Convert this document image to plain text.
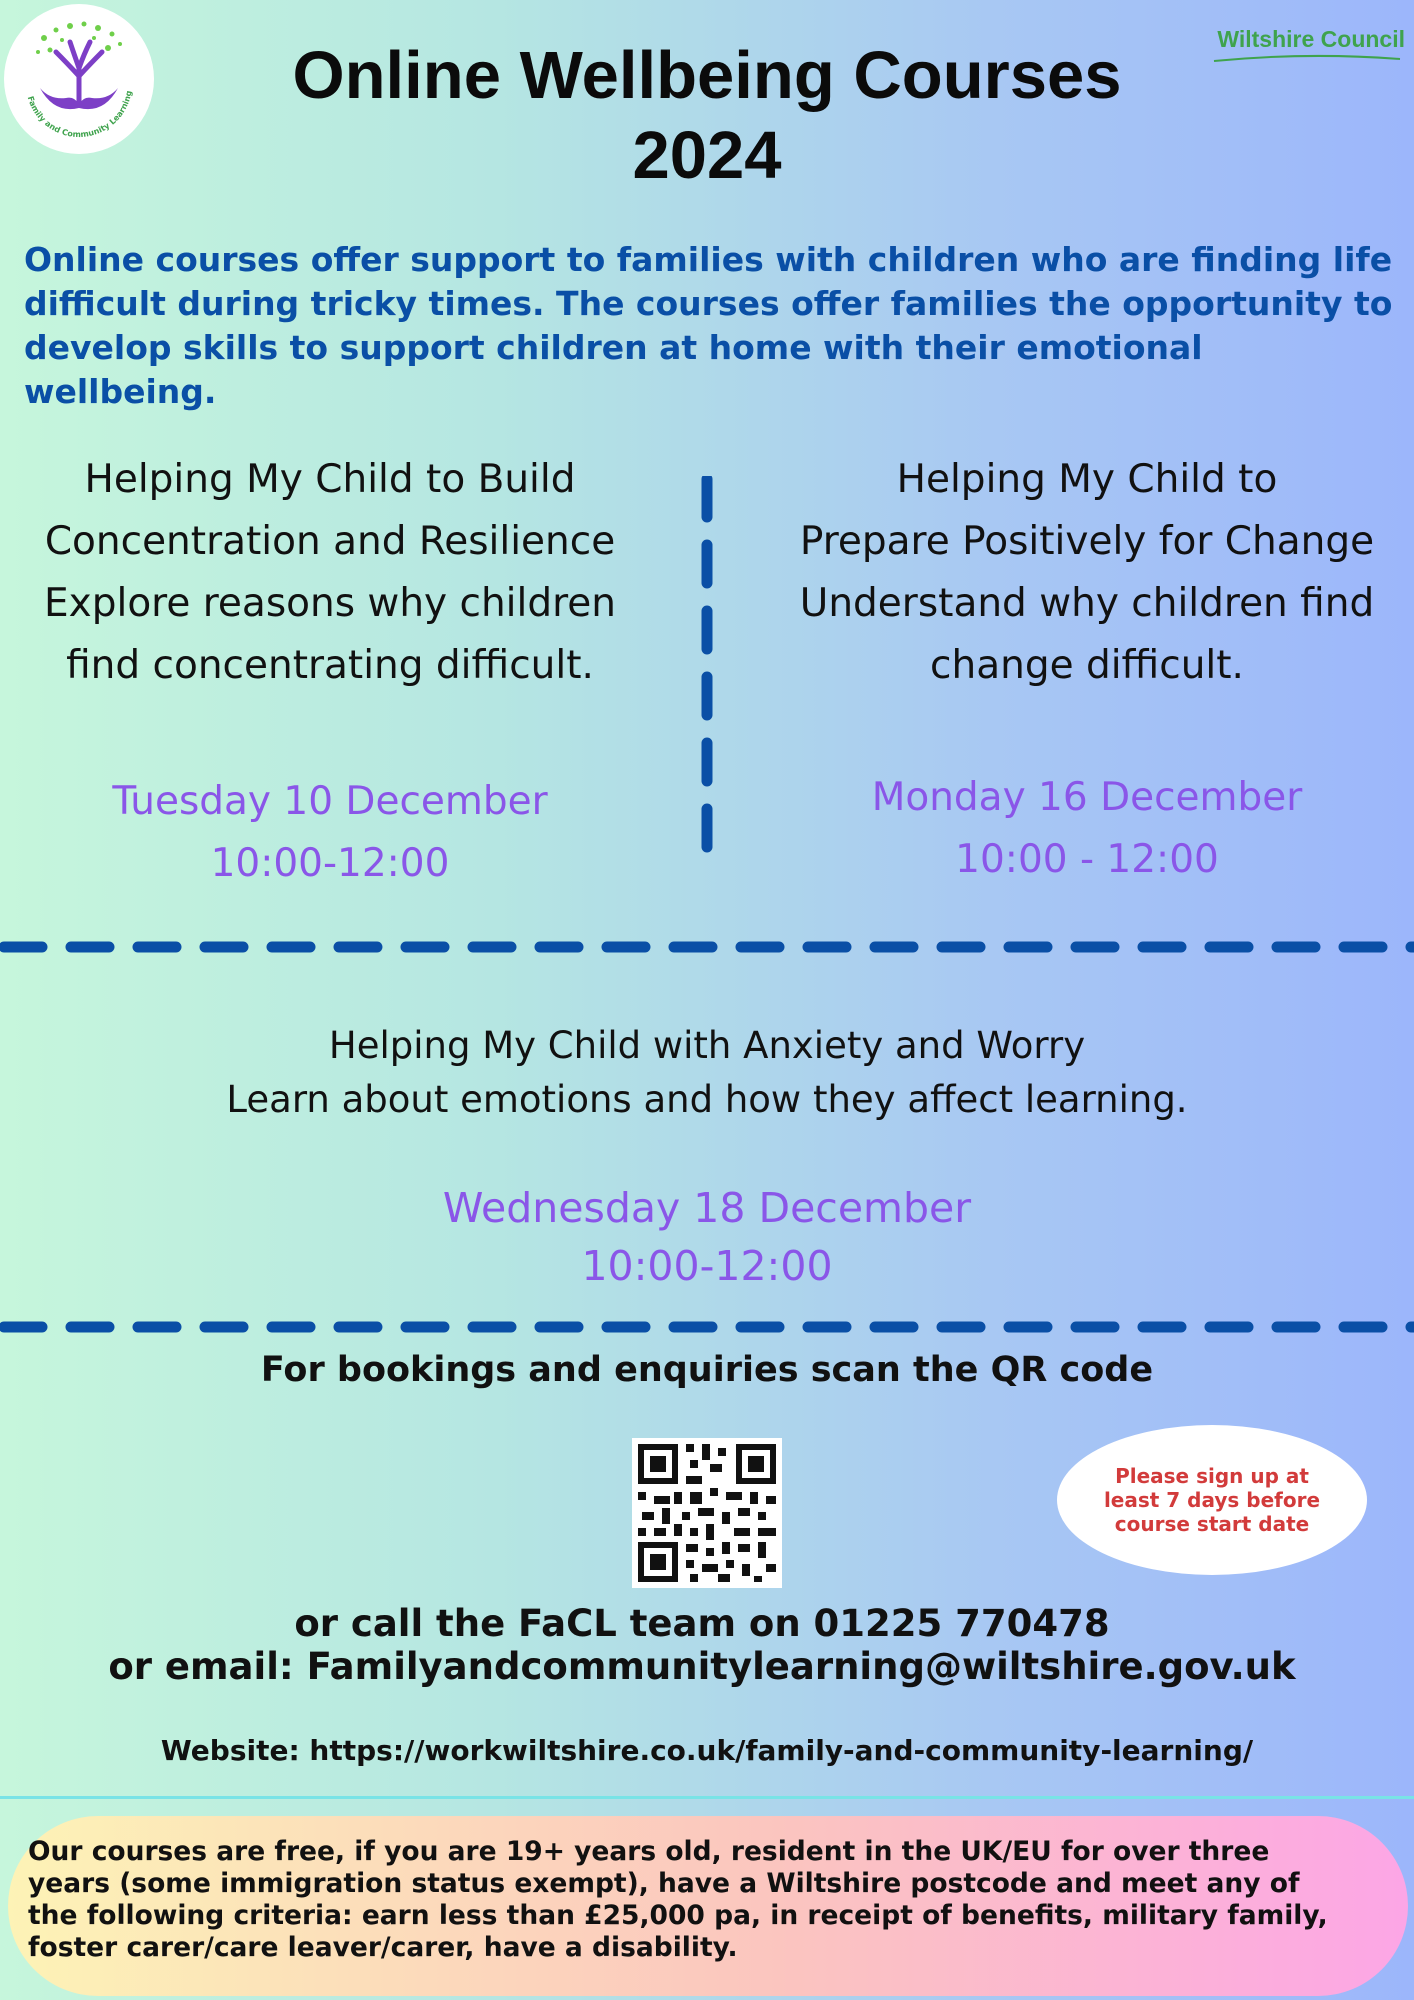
Family and Community Learning
Wiltshire Council
Online Wellbeing Courses
2024
Online courses offer support to families with children who are finding life difficult during tricky times. The courses offer families the opportunity to develop skills to support children at home with their emotional wellbeing.
Helping My Child to Build
Concentration and Resilience
Explore reasons why children
find concentrating difficult.
Tuesday 10 December
10:00-12:00
Helping My Child to
Prepare Positively for Change
Understand why children find
change difficult.
Monday 16 December
10:00 - 12:00
Helping My Child with Anxiety and Worry
Learn about emotions and how they affect learning.
Wednesday 18 December
10:00-12:00
For bookings and enquiries scan the QR code
Please sign up at least 7 days before course start date
or call the FaCL team on 01225 770478
or email: Familyandcommunitylearning@wiltshire.gov.uk
Website: https://workwiltshire.co.uk/family-and-community-learning/

Our courses are free, if you are 19+ years old, resident in the UK/EU for over three years (some immigration status exempt), have a Wiltshire postcode and meet any of the following criteria: earn less than £25,000 pa, in receipt of benefits, military family, foster carer/care leaver/carer, have a disability.
